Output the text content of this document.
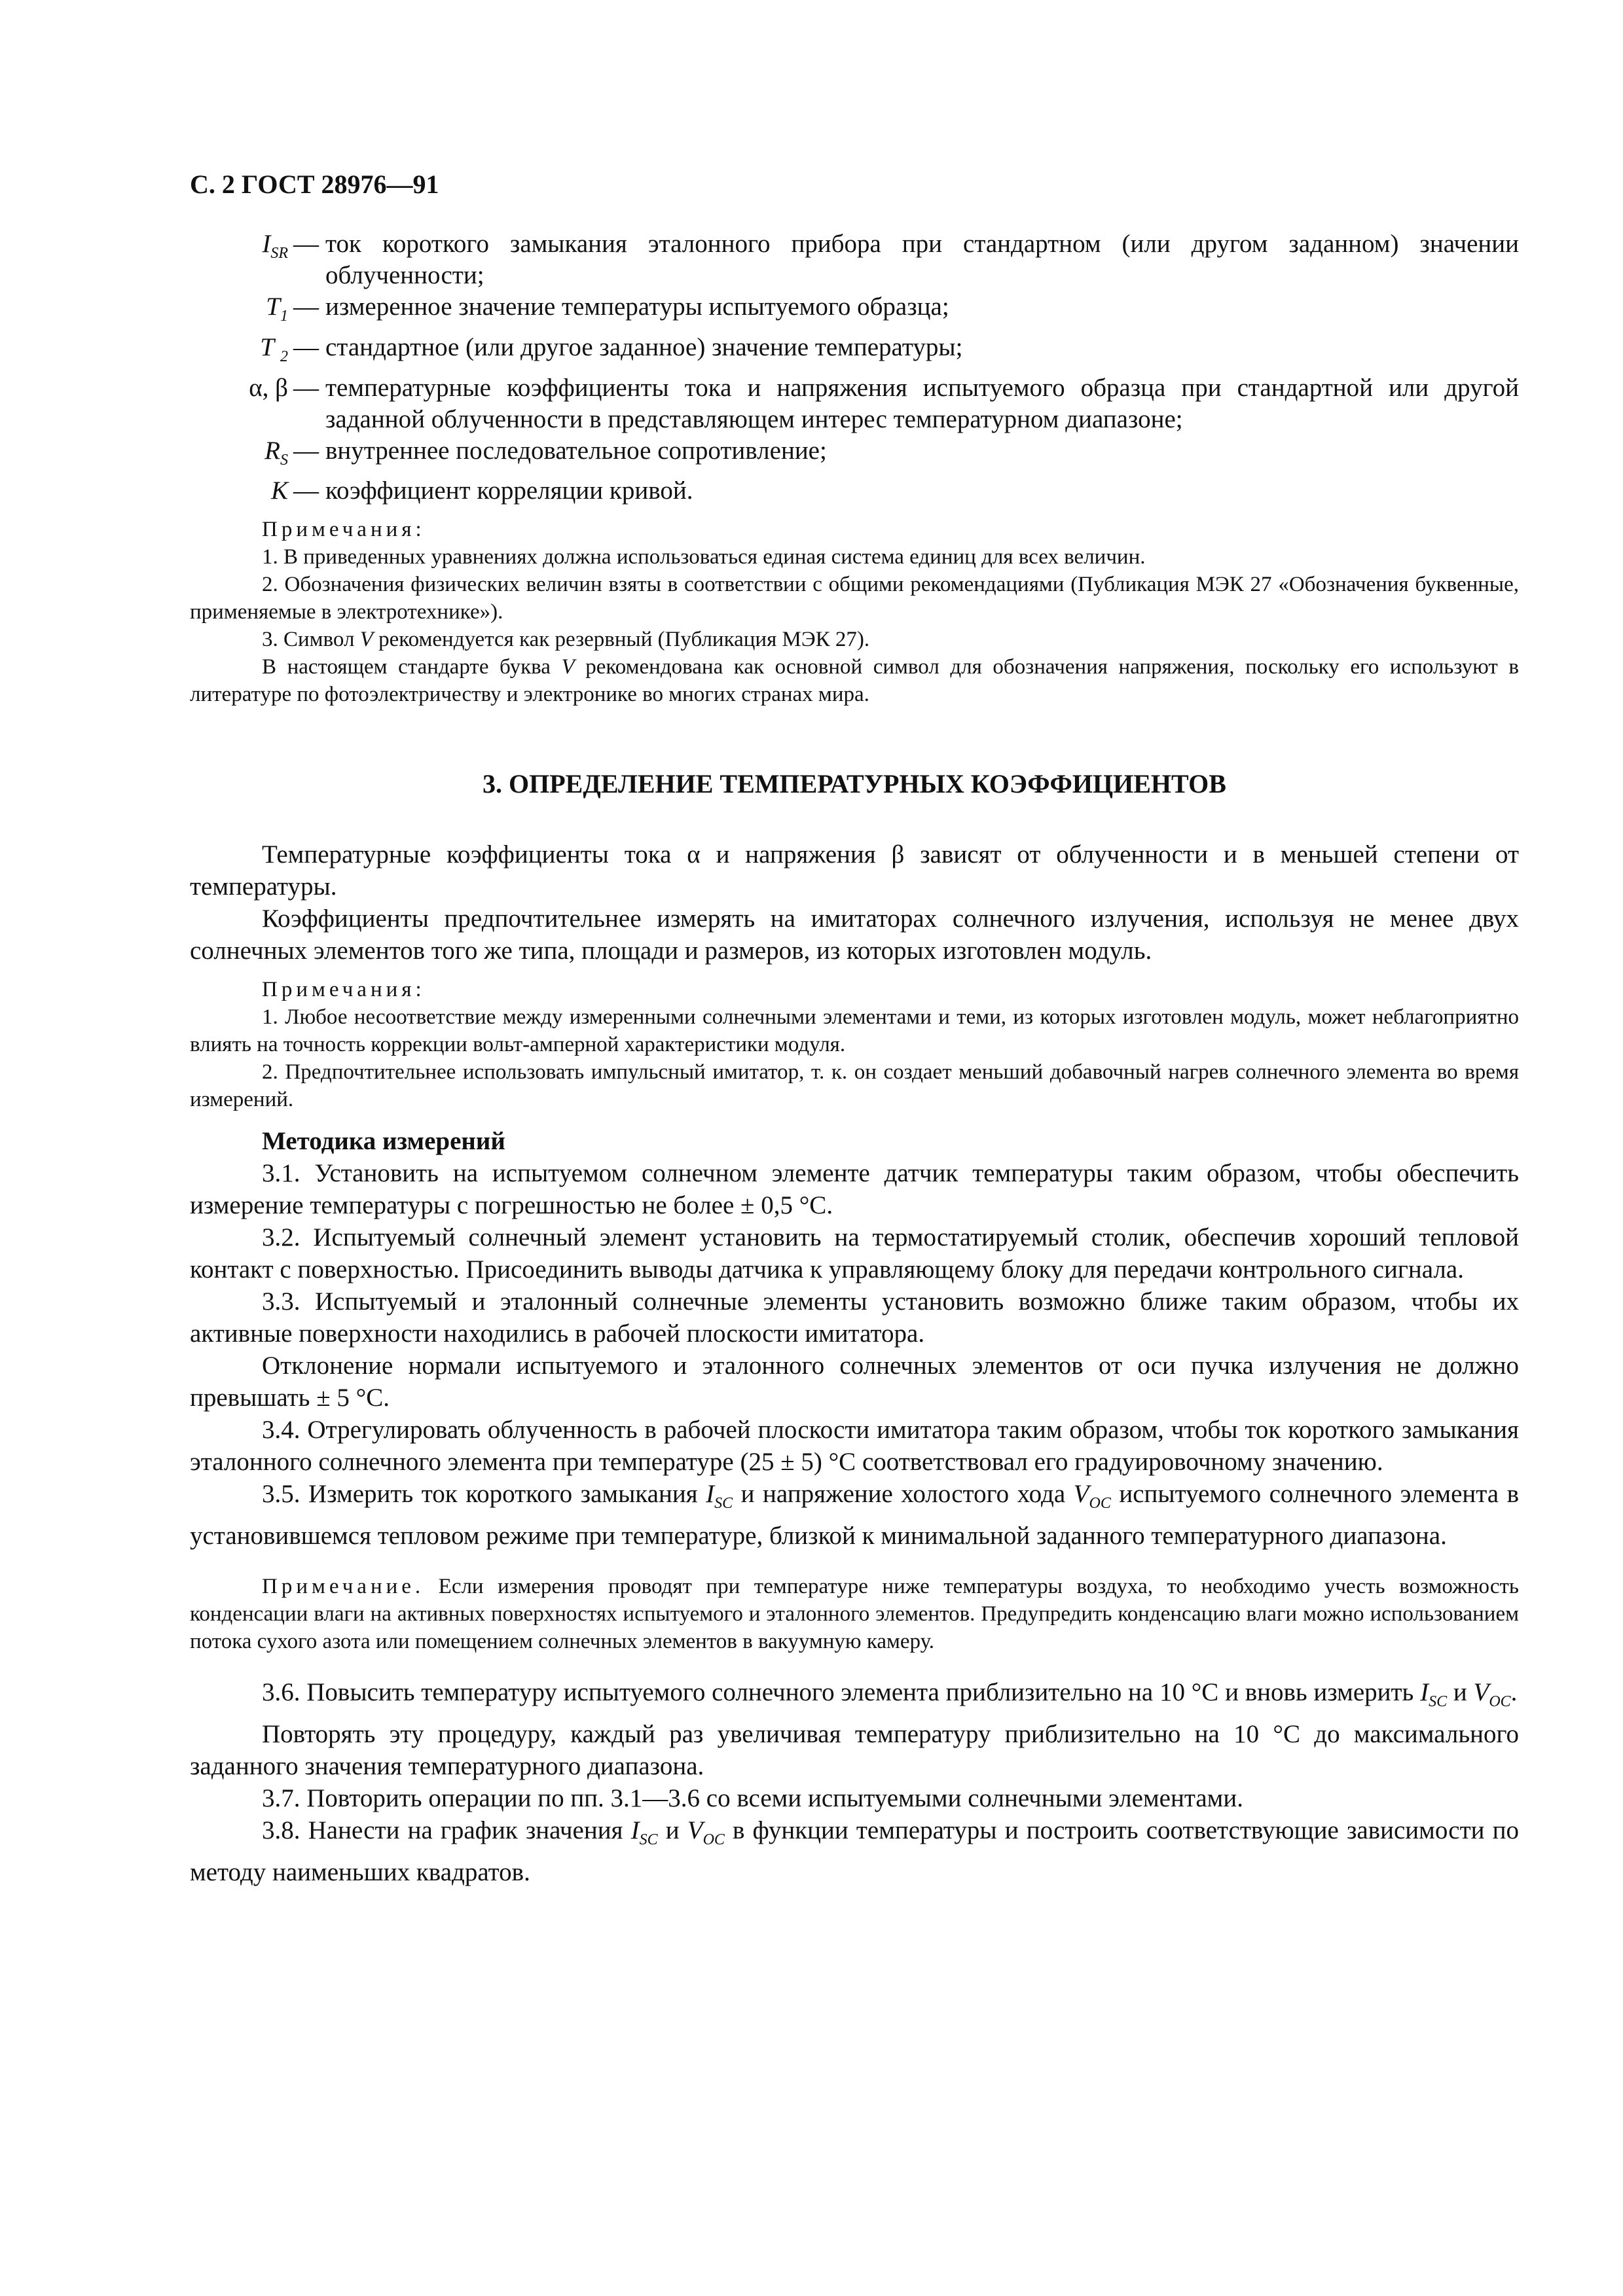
С. 2 ГОСТ 28976—91
$I_{SR}$ — ток короткого замыкания эталонного прибора при стандартном (или другом заданном) значении облученности;
$T_1$ — измеренное значение температуры испытуемого образца;
T $_2$ — стандартное (или другое заданное) значение температуры;
α, β — температурные коэффициенты тока и напряжения испытуемого образца при стандартной или другой заданной облученности в представляющем интерес температурном диапазоне;
$R_S$ — внутреннее последовательное сопротивление;
K — коэффициент корреляции кривой.

Примечания:

1. В приведенных уравнениях должна использоваться единая система единиц для всех величин.

2. Обозначения физических величин взяты в соответствии с общими рекомендациями (Публикация МЭК 27 «Обозначения буквенные, применяемые в электротехнике»).

3. Символ V рекомендуется как резервный (Публикация МЭК 27).

В настоящем стандарте буква V рекомендована как основной символ для обозначения напряжения, поскольку его используют в литературе по фотоэлектричеству и электронике во многих странах мира.

3. ОПРЕДЕЛЕНИЕ ТЕМПЕРАТУРНЫХ КОЭФФИЦИЕНТОВ

Температурные коэффициенты тока α и напряжения β зависят от облученности и в меньшей степени от температуры.

Коэффициенты предпочтительнее измерять на имитаторах солнечного излучения, используя не менее двух солнечных элементов того же типа, площади и размеров, из которых изготовлен модуль.

Примечания:

1. Любое несоответствие между измеренными солнечными элементами и теми, из которых изготовлен модуль, может неблагоприятно влиять на точность коррекции вольт-амперной характеристики модуля.

2. Предпочтительнее использовать импульсный имитатор, т. к. он создает меньший добавочный нагрев солнечного элемента во время измерений.

Методика измерений

3.1. Установить на испытуемом солнечном элементе датчик температуры таким образом, чтобы обеспечить измерение температуры с погрешностью не более ± 0,5 °С.

3.2. Испытуемый солнечный элемент установить на термостатируемый столик, обеспечив хороший тепловой контакт с поверхностью. Присоединить выводы датчика к управляющему блоку для передачи контрольного сигнала.

3.3. Испытуемый и эталонный солнечные элементы установить возможно ближе таким образом, чтобы их активные поверхности находились в рабочей плоскости имитатора.

Отклонение нормали испытуемого и эталонного солнечных элементов от оси пучка излучения не должно превышать ± 5 °С.

3.4. Отрегулировать облученность в рабочей плоскости имитатора таким образом, чтобы ток короткого замыкания эталонного солнечного элемента при температуре (25 ± 5) °С соответствовал его градуировочному значению.

3.5. Измерить ток короткого замыкания $I_{SC}$ и напряжение холостого хода $V_{OC}$ испытуемого солнечного элемента в установившемся тепловом режиме при температуре, близкой к минимальной заданного температурного диапазона.

Примечание. Если измерения проводят при температуре ниже температуры воздуха, то необходимо учесть возможность конденсации влаги на активных поверхностях испытуемого и эталонного элементов. Предупредить конденсацию влаги можно использованием потока сухого азота или помещением солнечных элементов в вакуумную камеру.

3.6. Повысить температуру испытуемого солнечного элемента приблизительно на 10 °С и вновь измерить $I_{SC}$ и $V_{OC}$.

Повторять эту процедуру, каждый раз увеличивая температуру приблизительно на 10 °С до максимального заданного значения температурного диапазона.

3.7. Повторить операции по пп. 3.1—3.6 со всеми испытуемыми солнечными элементами.

3.8. Нанести на график значения $I_{SC}$ и $V_{OC}$ в функции температуры и построить соответствующие зависимости по методу наименьших квадратов.
